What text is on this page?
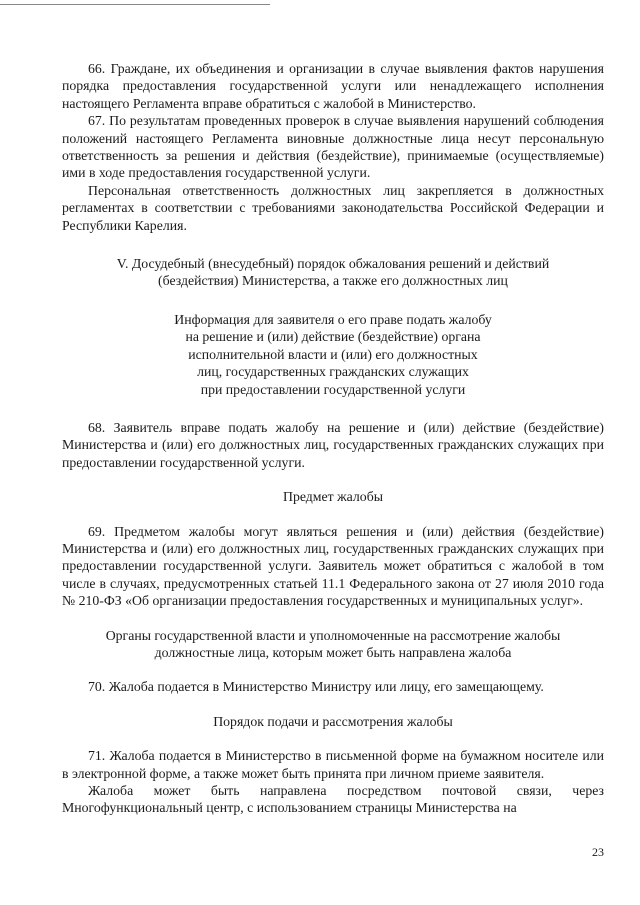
66. Граждане, их объединения и организации в случае выявления фактов нарушения порядка предоставления государственной услуги или ненадлежащего исполнения настоящего Регламента вправе обратиться с жалобой в Министерство.

67. По результатам проведенных проверок в случае выявления нарушений соблюдения положений настоящего Регламента виновные должностные лица несут персональную ответственность за решения и действия (бездействие), принимаемые (осуществляемые) ими в ходе предоставления государственной услуги.

Персональная ответственность должностных лиц закрепляется в должностных регламентах в соответствии с требованиями законодательства Российской Федерации и Республики Карелия.

V. Досудебный (внесудебный) порядок обжалования решений и действий

(бездействия) Министерства, а также его должностных лиц

Информация для заявителя о его праве подать жалобу

на решение и (или) действие (бездействие) органа

исполнительной власти и (или) его должностных

лиц, государственных гражданских служащих

при предоставлении государственной услуги

68. Заявитель вправе подать жалобу на решение и (или) действие (бездействие) Министерства и (или) его должностных лиц, государственных гражданских служащих при предоставлении государственной услуги.

Предмет жалобы

69. Предметом жалобы могут являться решения и (или) действия (бездействие) Министерства и (или) его должностных лиц, государственных гражданских служащих при предоставлении государственной услуги. Заявитель может обратиться с жалобой в том числе в случаях, предусмотренных статьей 11.1 Федерального закона от 27 июля 2010 года № 210-ФЗ «Об организации предоставления государственных и муниципальных услуг».

Органы государственной власти и уполномоченные на рассмотрение жалобы

должностные лица, которым может быть направлена жалоба

70. Жалоба подается в Министерство Министру или лицу, его замещающему.

Порядок подачи и рассмотрения жалобы

71. Жалоба подается в Министерство в письменной форме на бумажном носителе или в электронной форме, а также может быть принята при личном приеме заявителя.

Жалоба может быть направлена посредством почтовой связи, через Многофункциональный центр, с использованием страницы Министерства на

23
